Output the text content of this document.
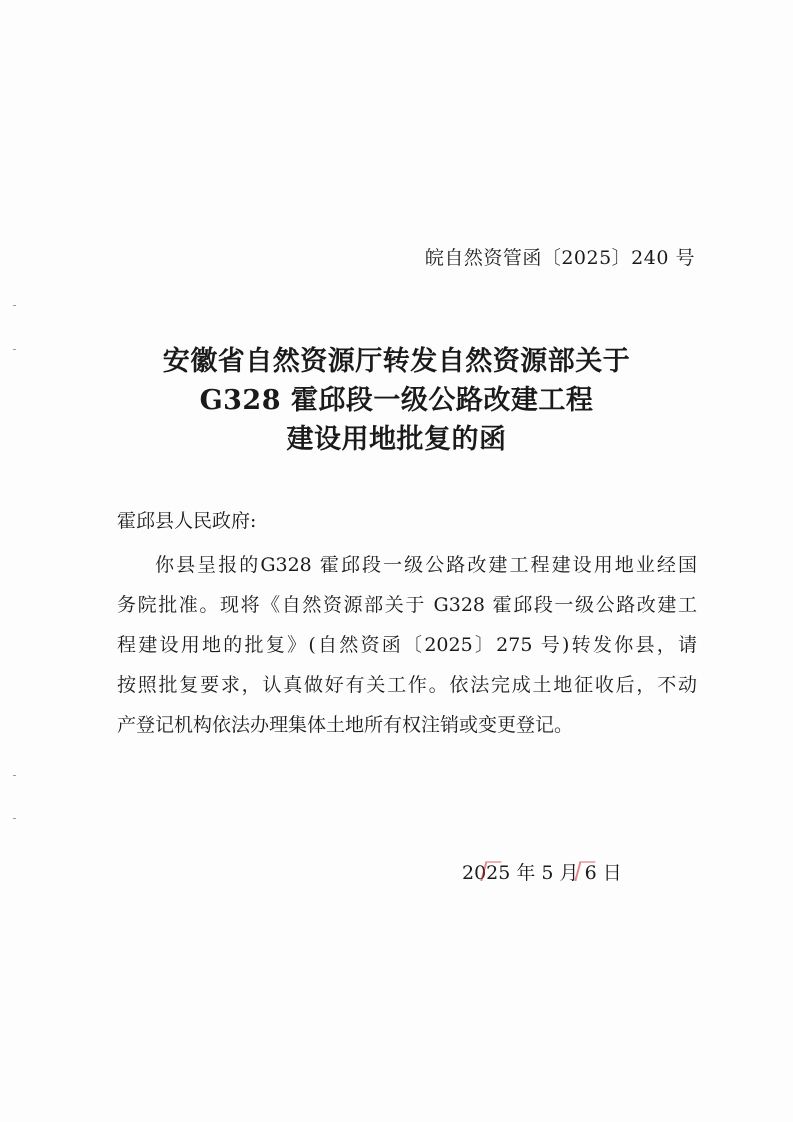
皖自然资管函〔2025〕240 号
安徽省自然资源厅转发自然资源部关于
G328 霍邱段一级公路改建工程
建设用地批复的函
霍邱县人民政府:
你县呈报的G328 霍邱段一级公路改建工程建设用地业经国
务院批准。现将《自然资源部关于 G328 霍邱段一级公路改建工
程建设用地的批复》(自然资函〔2025〕275 号)转发你县，请
按照批复要求，认真做好有关工作。依法完成土地征收后，不动
产登记机构依法办理集体土地所有权注销或变更登记。
2025 年 5 月 6 日
